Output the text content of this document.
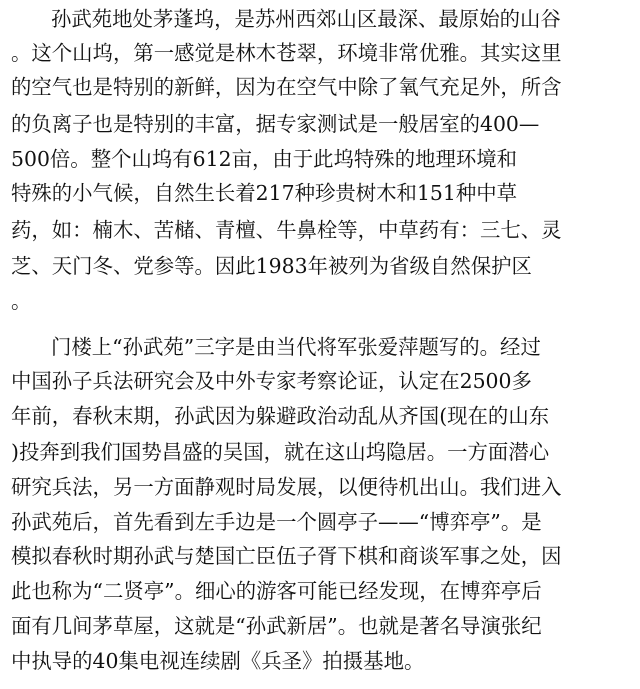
孙武苑地处茅蓬坞，是苏州西郊山区最深、最原始的山谷
。这个山坞，第一感觉是林木苍翠，环境非常优雅。其实这里
的空气也是特别的新鲜，因为在空气中除了氧气充足外，所含
的负离子也是特别的丰富，据专家测试是一般居室的400—
500倍。整个山坞有612亩，由于此坞特殊的地理环境和
特殊的小气候，自然生长着217种珍贵树木和151种中草
药，如：楠木、苦槠、青檀、牛鼻栓等，中草药有：三七、灵
芝、天门冬、党参等。因此1983年被列为省级自然保护区
。
门楼上“孙武苑”三字是由当代将军张爱萍题写的。经过
中国孙子兵法研究会及中外专家考察论证，认定在2500多
年前，春秋末期，孙武因为躲避政治动乱从齐国(现在的山东
)投奔到我们国势昌盛的吴国，就在这山坞隐居。一方面潜心
研究兵法，另一方面静观时局发展，以便待机出山。我们进入
孙武苑后，首先看到左手边是一个圆亭子——“博弈亭”。是
模拟春秋时期孙武与楚国亡臣伍子胥下棋和商谈军事之处，因
此也称为“二贤亭”。细心的游客可能已经发现，在博弈亭后
面有几间茅草屋，这就是“孙武新居”。也就是著名导演张纪
中执导的40集电视连续剧《兵圣》拍摄基地。
